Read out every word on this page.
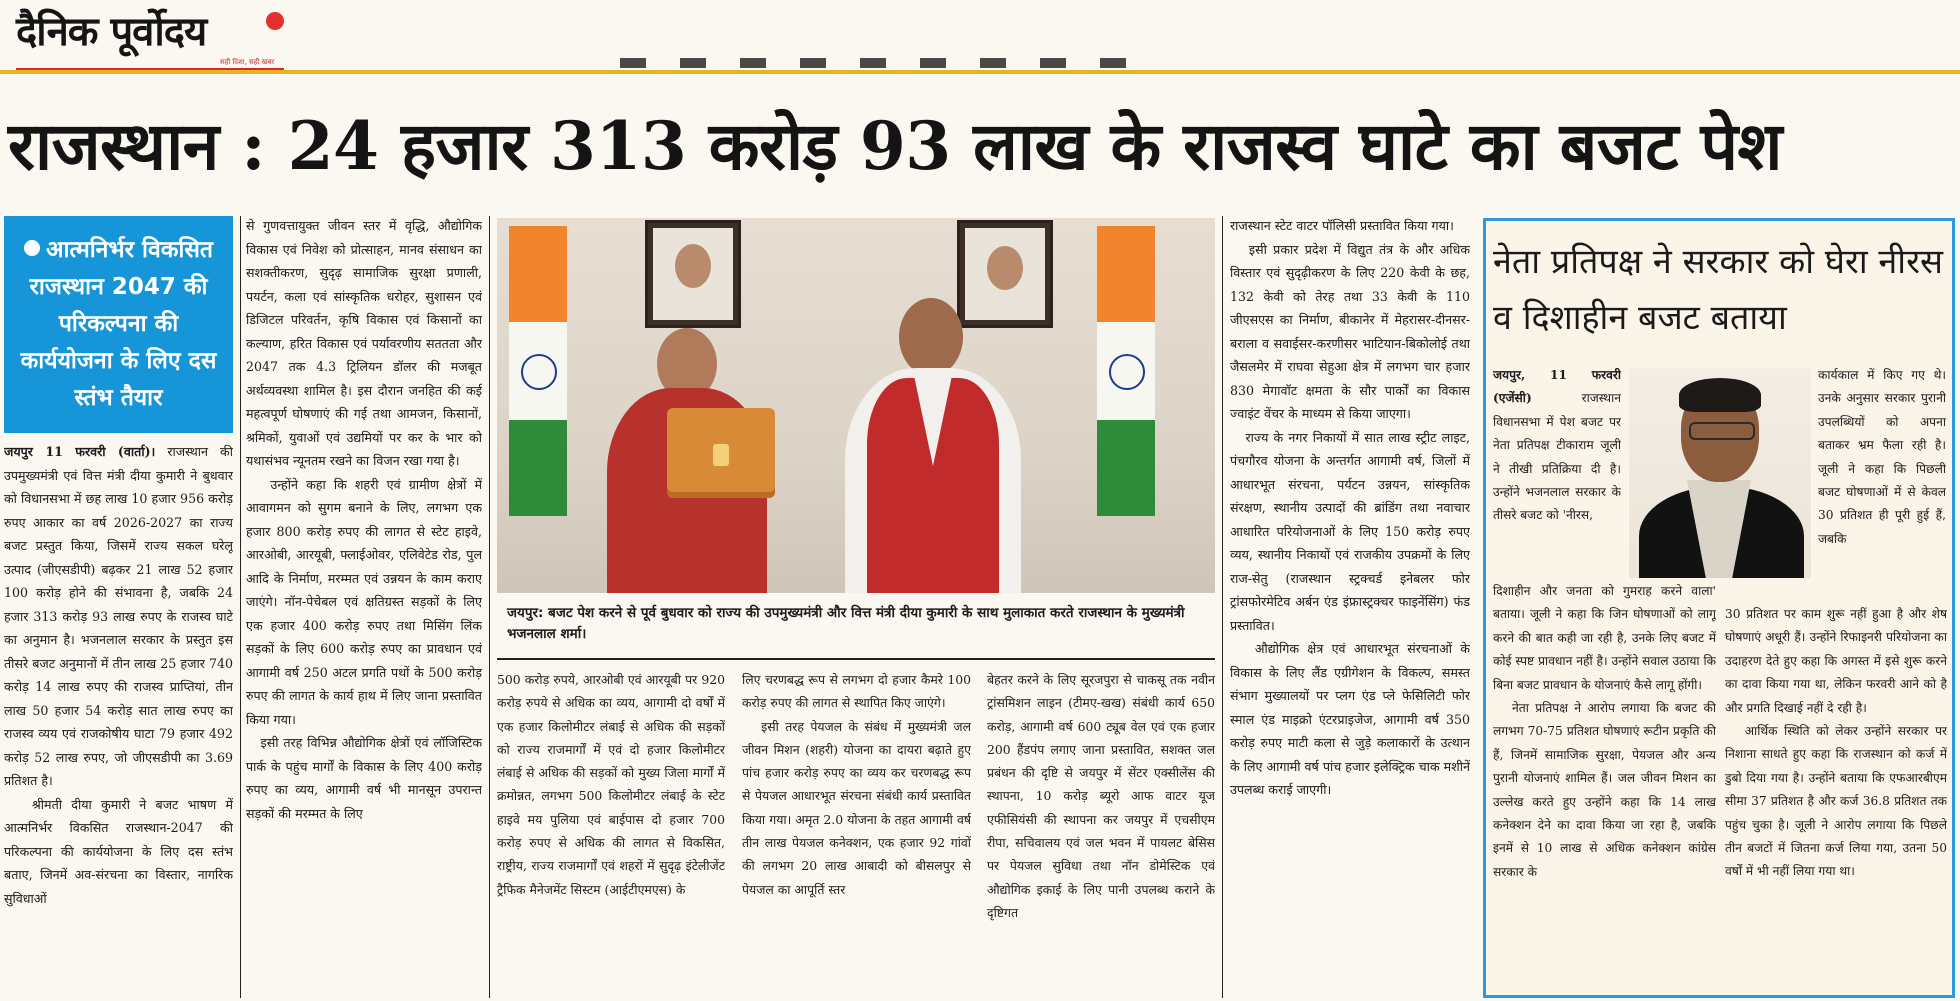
दैनिक पूर्वोदय
सही दिशा, सही खबर
राजस्थान : 24 हजार 313 करोड़ 93 लाख के राजस्व घाटे का बजट पेश
आत्मनिर्भर विकसित राजस्थान 2047 की परिकल्पना की कार्ययोजना के लिए दस स्तंभ तैयार
जयपुर 11 फरवरी (वार्ता)। राजस्थान की उपमुख्यमंत्री एवं वित्त मंत्री दीया कुमारी ने बुधवार को विधानसभा में छह लाख 10 हजार 956 करोड़ रुपए आकार का वर्ष 2026-2027 का राज्य बजट प्रस्तुत किया, जिसमें राज्य सकल घरेलू उत्पाद (जीएसडीपी) बढ़कर 21 लाख 52 हजार 100 करोड़ होने की संभावना है, जबकि 24 हजार 313 करोड़ 93 लाख रुपए के राजस्व घाटे का अनुमान है। भजनलाल सरकार के प्रस्तुत इस तीसरे बजट अनुमानों में तीन लाख 25 हजार 740 करोड़ 14 लाख रुपए की राजस्व प्राप्तियां, तीन लाख 50 हजार 54 करोड़ सात लाख रुपए का राजस्व व्यय एवं राजकोषीय घाटा 79 हजार 492 करोड़ 52 लाख रुपए, जो जीएसडीपी का 3.69 प्रतिशत है।
श्रीमती दीया कुमारी ने बजट भाषण में आत्मनिर्भर विकसित राजस्थान-2047 की परिकल्पना की कार्ययोजना के लिए दस स्तंभ बताए, जिनमें अव-संरचना का विस्तार, नागरिक सुविधाओं
से गुणवत्तायुक्त जीवन स्तर में वृद्धि, औद्योगिक विकास एवं निवेश को प्रोत्साहन, मानव संसाधन का सशक्तीकरण, सुदृढ़ सामाजिक सुरक्षा प्रणाली, पयर्टन, कला एवं सांस्कृतिक धरोहर, सुशासन एवं डिजिटल परिवर्तन, कृषि विकास एवं किसानों का कल्याण, हरित विकास एवं पर्यावरणीय सततता और 2047 तक 4.3 ट्रिलियन डॉलर की मजबूत अर्थव्यवस्था शामिल है। इस दौरान जनहित की कई महत्वपूर्ण घोषणाएं की गई तथा आमजन, किसानों, श्रमिकों, युवाओं एवं उद्यमियों पर कर के भार को यथासंभव न्यूनतम रखने का विजन रखा गया है।
उन्होंने कहा कि शहरी एवं ग्रामीण क्षेत्रों में आवागमन को सुगम बनाने के लिए, लगभग एक हजार 800 करोड़ रुपए की लागत से स्टेट हाइवे, आरओबी, आरयूबी, फ्लाईओवर, एलिवेटेड रोड, पुल आदि के निर्माण, मरम्मत एवं उन्नयन के काम कराए जाएंगे। नॉन-पेचेबल एवं क्षतिग्रस्त सड़कों के लिए एक हजार 400 करोड़ रुपए तथा मिसिंग लिंक सड़कों के लिए 600 करोड़ रुपए का प्रावधान एवं आगामी वर्ष 250 अटल प्रगति पथों के 500 करोड़ रुपए की लागत के कार्य हाथ में लिए जाना प्रस्तावित किया गया।
इसी तरह विभिन्न औद्योगिक क्षेत्रों एवं लॉजिस्टिक पार्क के पहुंच मार्गों के विकास के लिए 400 करोड़ रुपए का व्यय, आगामी वर्ष भी मानसून उपरान्त सड़कों की मरम्मत के लिए
जयपुर: बजट पेश करने से पूर्व बुधवार को राज्य की उपमुख्यमंत्री और वित्त मंत्री दीया कुमारी के साथ मुलाकात करते राजस्थान के मुख्यमंत्री भजनलाल शर्मा।
500 करोड़ रुपये, आरओबी एवं आरयूबी पर 920 करोड़ रुपये से अधिक का व्यय, आगामी दो वर्षों में एक हजार किलोमीटर लंबाई से अधिक की सड़कों को राज्य राजमार्गों में एवं दो हजार किलोमीटर लंबाई से अधिक की सड़कों को मुख्य जिला मार्गों में क्रमोन्नत, लगभग 500 किलोमीटर लंबाई के स्टेट हाइवे मय पुलिया एवं बाईपास दो हजार 700 करोड़ रुपए से अधिक की लागत से विकसित, राष्ट्रीय, राज्य राजमार्गों एवं शहरों में सुदृढ़ इंटेलीजेंट ट्रैफिक मैनेजमेंट सिस्टम (आईटीएमएस) के
लिए चरणबद्ध रूप से लगभग दो हजार कैमरे 100 करोड़ रुपए की लागत से स्थापित किए जाएंगे।
इसी तरह पेयजल के संबंध में मुख्यमंत्री जल जीवन मिशन (शहरी) योजना का दायरा बढ़ाते हुए पांच हजार करोड़ रुपए का व्यय कर चरणबद्ध रूप से पेयजल आधारभूत संरचना संबंधी कार्य प्रस्तावित किया गया। अमृत 2.0 योजना के तहत आगामी वर्ष तीन लाख पेयजल कनेक्शन, एक हजार 92 गांवों की लगभग 20 लाख आबादी को बीसलपुर से पेयजल का आपूर्ति स्तर
बेहतर करने के लिए सूरजपुरा से चाकसू तक नवीन ट्रांसमिशन लाइन (टीमए-खख) संबंधी कार्य 650 करोड़, आगामी वर्ष 600 ट्यूब वेल एवं एक हजार 200 हैंडपंप लगाए जाना प्रस्तावित, सशक्त जल प्रबंधन की दृष्टि से जयपुर में सेंटर एक्सीलेंस की स्थापना, 10 करोड़ ब्यूरो आफ वाटर यूज एफीसियंसी की स्थापना कर जयपुर में एचसीएम रीपा, सचिवालय एवं जल भवन में पायलट बेसिस पर पेयजल सुविधा तथा नॉन डोमेस्टिक एवं औद्योगिक इकाई के लिए पानी उपलब्ध कराने के दृष्टिगत
राजस्थान स्टेट वाटर पॉलिसी प्रस्तावित किया गया।
इसी प्रकार प्रदेश में विद्युत तंत्र के और अधिक विस्तार एवं सुदृढ़ीकरण के लिए 220 केवी के छह, 132 केवी को तेरह तथा 33 केवी के 110 जीएसएस का निर्माण, बीकानेर में मेहरासर-दीनसर-बराला व सवाईसर-करणीसर भाटियान-बिकोलोई तथा जैसलमेर में राघवा सेहुआ क्षेत्र में लगभग चार हजार 830 मेगावॉट क्षमता के सौर पार्कों का विकास ज्वाइंट वेंचर के माध्यम से किया जाएगा।
राज्य के नगर निकायों में सात लाख स्ट्रीट लाइट, पंचगौरव योजना के अन्तर्गत आगामी वर्ष, जिलों में आधारभूत संरचना, पर्यटन उन्नयन, सांस्कृतिक संरक्षण, स्थानीय उत्पादों की ब्रांडिंग तथा नवाचार आधारित परियोजनाओं के लिए 150 करोड़ रुपए व्यय, स्थानीय निकायों एवं राजकीय उपक्रमों के लिए राज-सेतु (राजस्थान स्ट्रक्चर्ड इनेबलर फोर ट्रांसफोरमेटिव अर्बन एंड इंफ्रास्ट्रक्चर फाइनेंसिंग) फंड प्रस्तावित।
औद्योगिक क्षेत्र एवं आधारभूत संरचनाओं के विकास के लिए लैंड एग्रीगेशन के विकल्प, समस्त संभाग मुख्यालयों पर प्लग एंड प्ले फेसिलिटी फोर स्माल एंड माइक्रो एंटरप्राइजेज, आगामी वर्ष 350 करोड़ रुपए माटी कला से जुड़े कलाकारों के उत्थान के लिए आगामी वर्ष पांच हजार इलेक्ट्रिक चाक मशीनें उपलब्ध कराई जाएगी।
नेता प्रतिपक्ष ने सरकार को घेरा नीरस व दिशाहीन बजट बताया
जयपुर, 11 फरवरी (एजेंसी)	राजस्थान विधानसभा में पेश बजट पर नेता प्रतिपक्ष टीकाराम जूली ने तीखी प्रतिक्रिया दी है। उन्होंने भजनलाल सरकार के तीसरे बजट को 'नीरस,
कार्यकाल में किए गए थे। उनके अनुसार सरकार पुरानी उपलब्धियों को अपना बताकर भ्रम फैला रही है। जूली ने कहा कि पिछली बजट घोषणाओं में से केवल 30 प्रतिशत ही पूरी हुई हैं, जबकि
दिशाहीन और जनता को गुमराह करने वाला' बताया। जूली ने कहा कि जिन घोषणाओं को लागू करने की बात कही जा रही है, उनके लिए बजट में कोई स्पष्ट प्रावधान नहीं है। उन्होंने सवाल उठाया कि बिना बजट प्रावधान के योजनाएं कैसे लागू होंगी।
नेता प्रतिपक्ष ने आरोप लगाया कि बजट की लगभग 70-75 प्रतिशत घोषणाएं रूटीन प्रकृति की हैं, जिनमें सामाजिक सुरक्षा, पेयजल और अन्य पुरानी योजनाएं शामिल हैं। जल जीवन मिशन का उल्लेख करते हुए उन्होंने कहा कि 14 लाख कनेक्शन देने का दावा किया जा रहा है, जबकि इनमें से 10 लाख से अधिक कनेक्शन कांग्रेस सरकार के
30 प्रतिशत पर काम शुरू नहीं हुआ है और शेष घोषणाएं अधूरी हैं। उन्होंने रिफाइनरी परियोजना का उदाहरण देते हुए कहा कि अगस्त में इसे शुरू करने का दावा किया गया था, लेकिन फरवरी आने को है और प्रगति दिखाई नहीं दे रही है।
आर्थिक स्थिति को लेकर उन्होंने सरकार पर निशाना साधते हुए कहा कि राजस्थान को कर्ज में डुबो दिया गया है। उन्होंने बताया कि एफआरबीएम सीमा 37 प्रतिशत है और कर्ज 36.8 प्रतिशत तक पहुंच चुका है। जूली ने आरोप लगाया कि पिछले तीन बजटों में जितना कर्ज लिया गया, उतना 50 वर्षों में भी नहीं लिया गया था।
